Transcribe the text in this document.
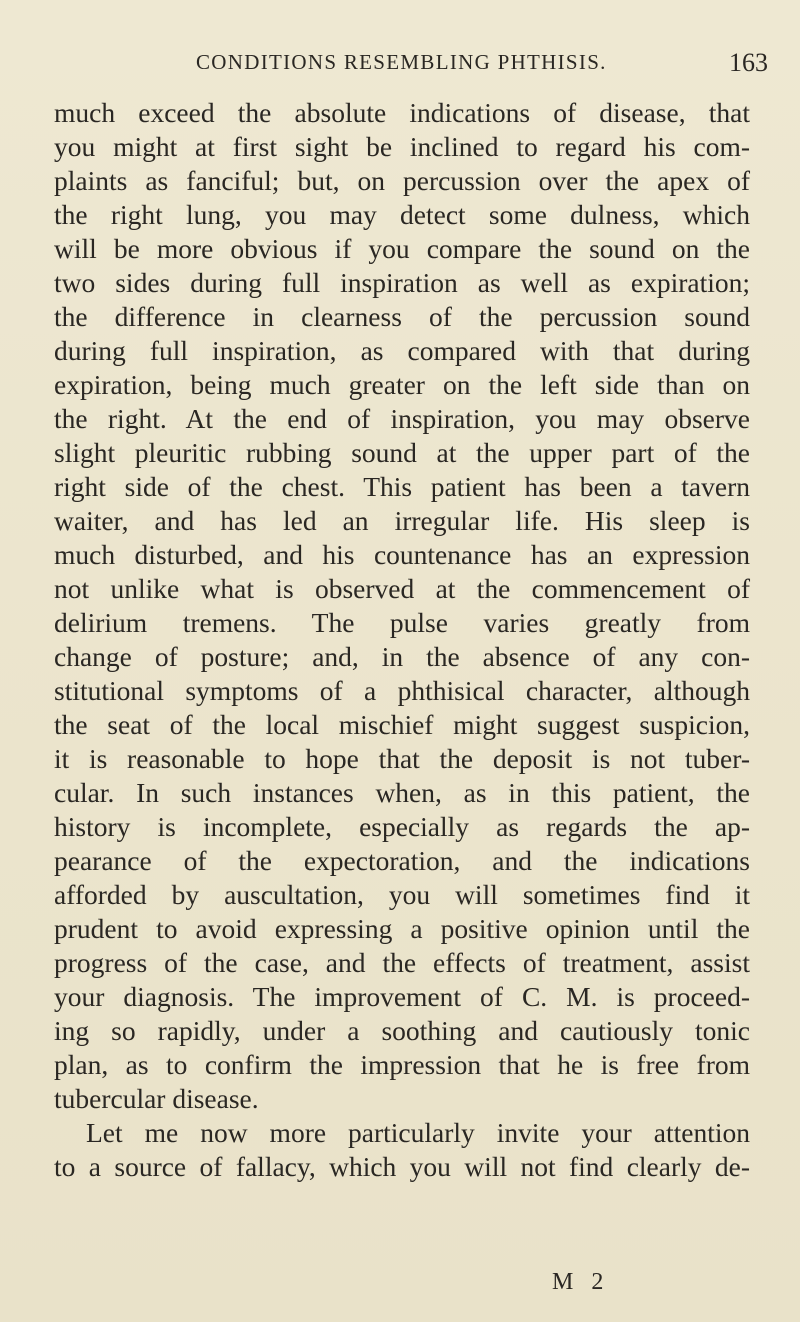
CONDITIONS RESEMBLING PHTHISIS.	163
much exceed the absolute indications of disease, that
you might at first sight be inclined to regard his com-
plaints as fanciful; but, on percussion over the apex of
the right lung, you may detect some dulness, which
will be more obvious if you compare the sound on the
two sides during full inspiration as well as expiration;
the difference in clearness of the percussion sound
during full inspiration, as compared with that during
expiration, being much greater on the left side than on
the right. At the end of inspiration, you may observe
slight pleuritic rubbing sound at the upper part of the
right side of the chest. This patient has been a tavern
waiter, and has led an irregular life. His sleep is
much disturbed, and his countenance has an expression
not unlike what is observed at the commencement of
delirium tremens. The pulse varies greatly from
change of posture; and, in the absence of any con-
stitutional symptoms of a phthisical character, although
the seat of the local mischief might suggest suspicion,
it is reasonable to hope that the deposit is not tuber-
cular. In such instances when, as in this patient, the
history is incomplete, especially as regards the ap-
pearance of the expectoration, and the indications
afforded by auscultation, you will sometimes find it
prudent to avoid expressing a positive opinion until the
progress of the case, and the effects of treatment, assist
your diagnosis. The improvement of C. M. is proceed-
ing so rapidly, under a soothing and cautiously tonic
plan, as to confirm the impression that he is free from
tubercular disease.
Let me now more particularly invite your attention
to a source of fallacy, which you will not find clearly de-
M 2
